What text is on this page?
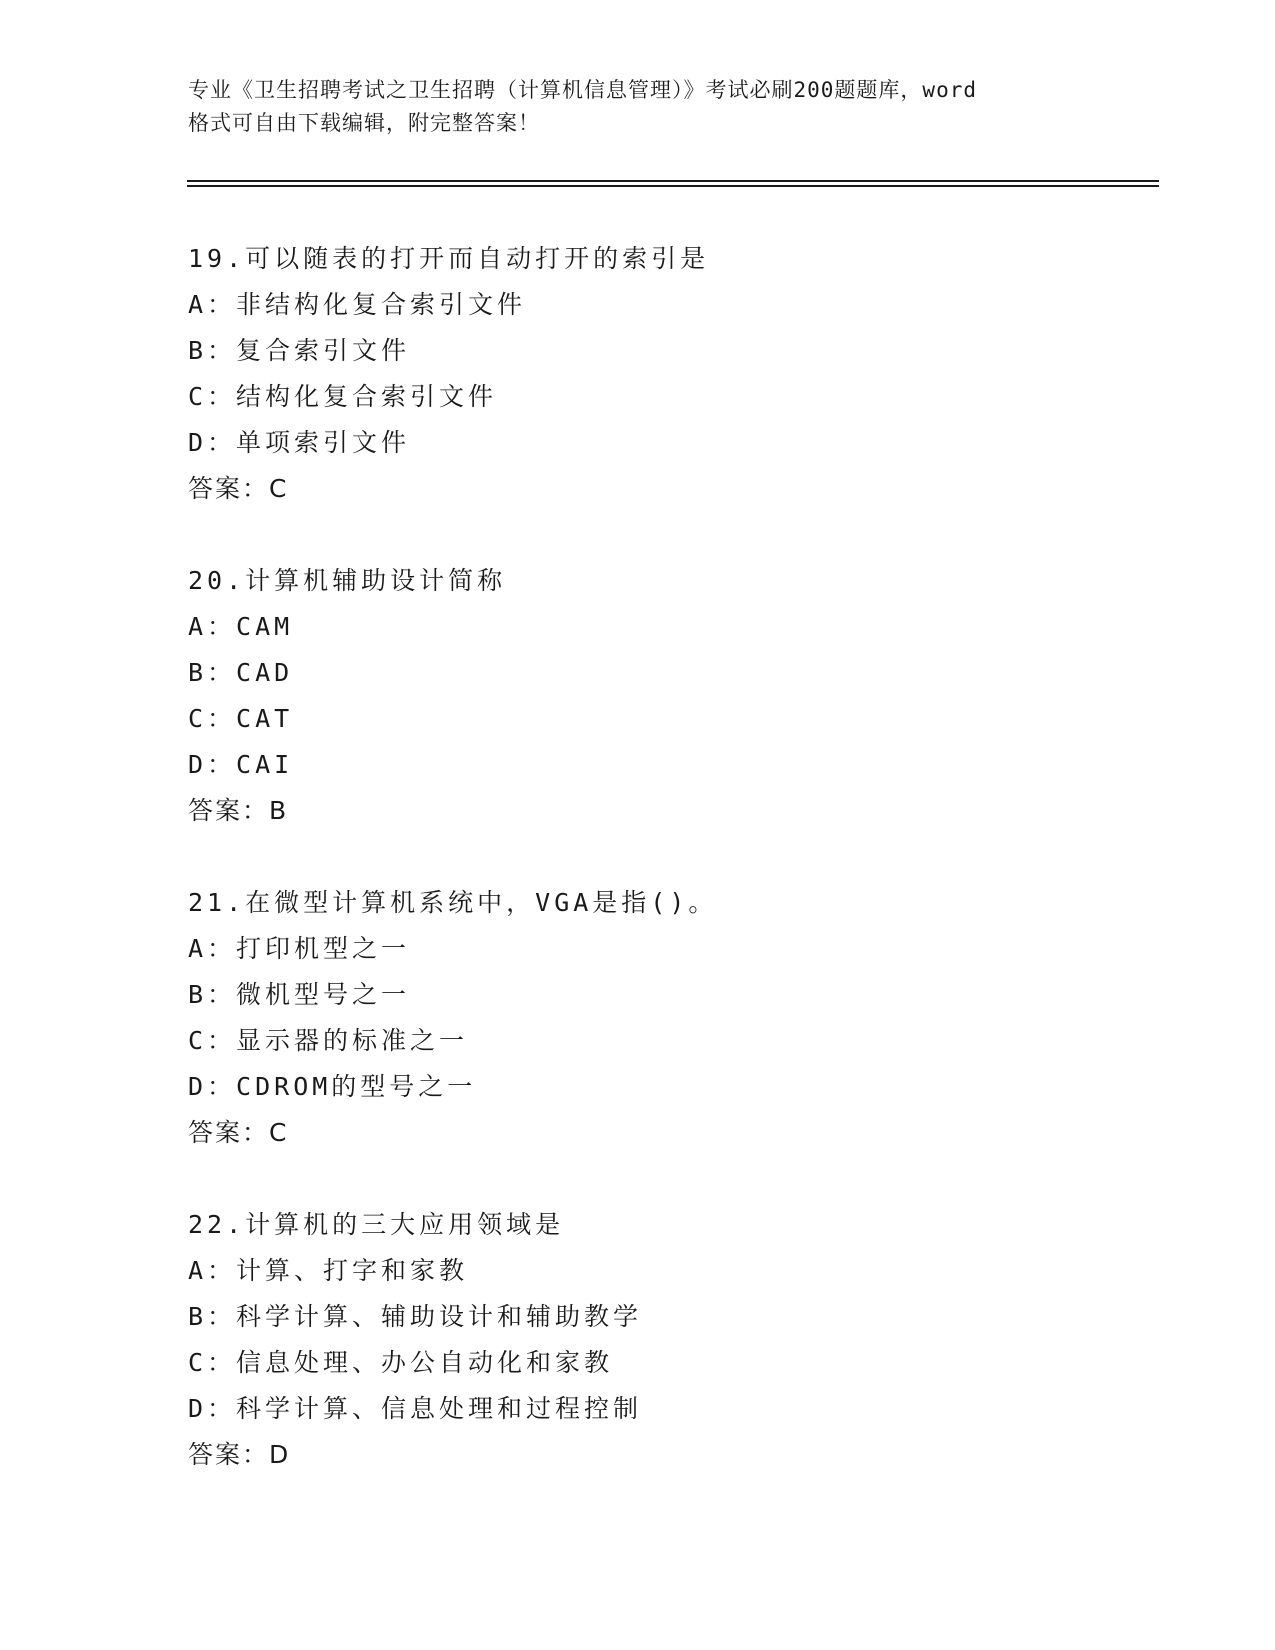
专业《卫生招聘考试之卫生招聘（计算机信息管理）》考试必刷200题题库，word
格式可自由下载编辑，附完整答案！
19.可以随表的打开而自动打开的索引是
A：非结构化复合索引文件
B：复合索引文件
C：结构化复合索引文件
D：单项索引文件
答案：C
20.计算机辅助设计简称
A：CAM
B：CAD
C：CAT
D：CAI
答案：B
21.在微型计算机系统中，VGA是指()。
A：打印机型之一
B：微机型号之一
C：显示器的标准之一
D：CDROM的型号之一
答案：C
22.计算机的三大应用领域是
A：计算、打字和家教
B：科学计算、辅助设计和辅助教学
C：信息处理、办公自动化和家教
D：科学计算、信息处理和过程控制
答案：D
